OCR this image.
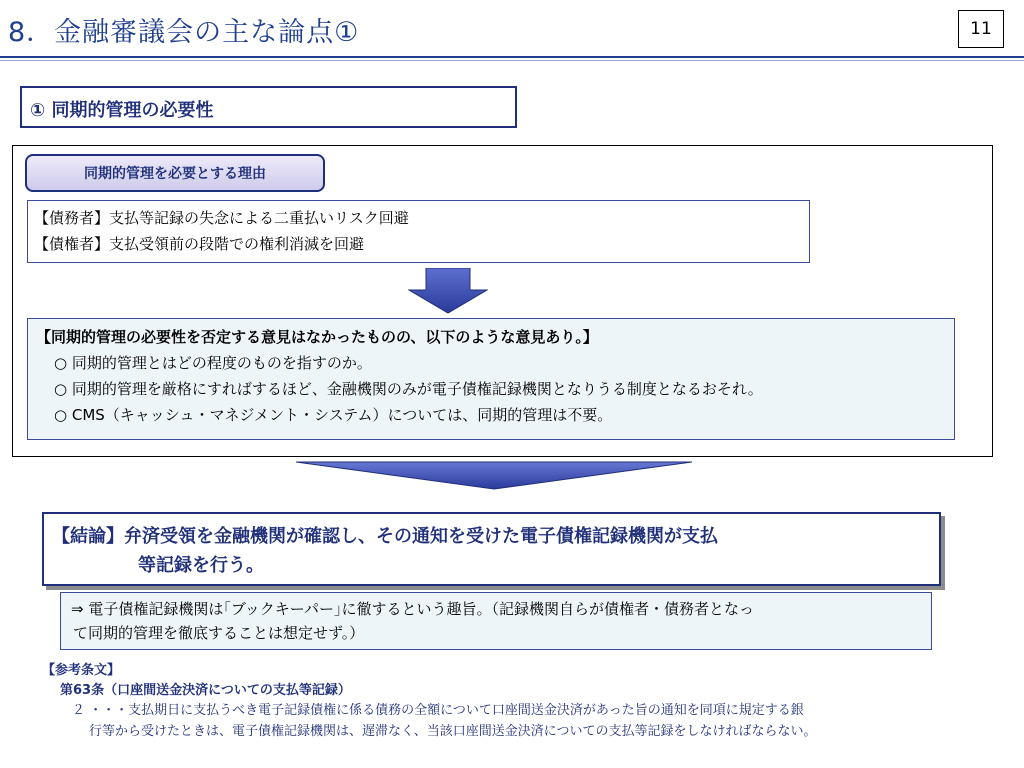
8．金融審議会の主な論点①	11
① 同期的管理の必要性
同期的管理を必要とする理由
【債務者】支払等記録の失念による二重払いリスク回避
【債権者】支払受領前の段階での権利消滅を回避
【同期的管理の必要性を否定する意見はなかったものの、以下のような意見あり。】
○ 同期的管理とはどの程度のものを指すのか。
○ 同期的管理を厳格にすればするほど、金融機関のみが電子債権記録機関となりうる制度となるおそれ。
○ CMS（キャッシュ・マネジメント・システム）については、同期的管理は不要。
【結論】弁済受領を金融機関が確認し、その通知を受けた電子債権記録機関が支払
等記録を行う。
⇒ 電子債権記録機関は｢ブックキーパー｣に徹するという趣旨。（記録機関自らが債権者・債務者となっ
て同期的管理を徹底することは想定せず。）
【参考条文】
第63条（口座間送金決済についての支払等記録）
２ ・・・支払期日に支払うべき電子記録債権に係る債務の全額について口座間送金決済があった旨の通知を同項に規定する銀
行等から受けたときは、電子債権記録機関は、遅滞なく、当該口座間送金決済についての支払等記録をしなければならない。
